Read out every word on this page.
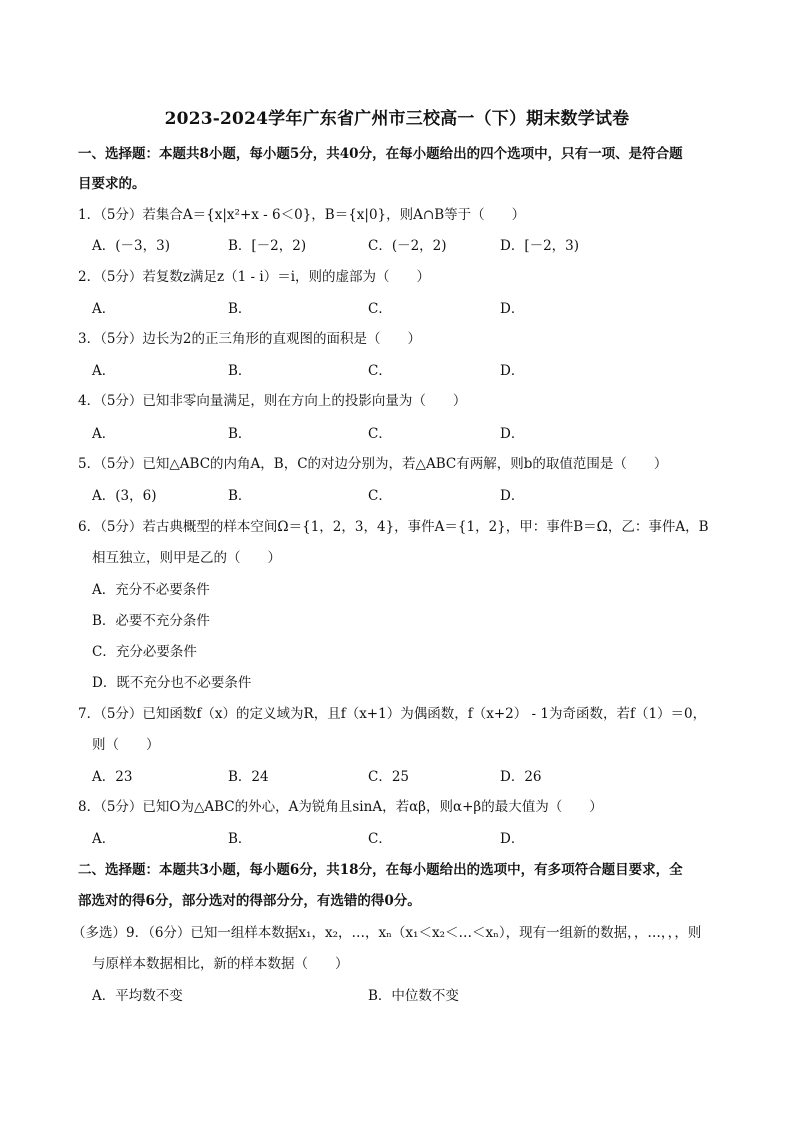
2023-2024学年广东省广州市三校高一（下）期末数学试卷
一、选择题：本题共8小题，每小题5分，共40分，在每小题给出的四个选项中，只有一项、是符合题
目要求的。
1．（5分）若集合A＝{x|x²+x - 6＜0}，B＝{x|0}，则A∩B等于（　　）
A．(－3，3)	B．[－2，2)	C．(－2，2)	D．[－2，3)
2．（5分）若复数z满足z（1 - i）＝i，则的虚部为（　　）
A．	B．	C．	D．
3．（5分）边长为2的正三角形的直观图的面积是（　　）
A．	B．	C．	D．
4．（5分）已知非零向量满足，则在方向上的投影向量为（　　）
A．	B．	C．	D．
5．（5分）已知△ABC的内角A，B，C的对边分别为，若△ABC有两解，则b的取值范围是（　　）
A．(3，6)	B．	C．	D．
6．（5分）若古典概型的样本空间Ω＝{1，2，3，4}，事件A＝{1，2}，甲：事件B＝Ω，乙：事件A，B
相互独立，则甲是乙的（　　）
A．充分不必要条件
B．必要不充分条件
C．充分必要条件
D．既不充分也不必要条件
7．（5分）已知函数f（x）的定义域为R，且f（x+1）为偶函数，f（x+2） - 1为奇函数，若f（1）＝0，
则（　　）
A．23	B．24	C．25	D．26
8．（5分）已知O为△ABC的外心，A为锐角且sinA，若αβ，则α+β的最大值为（　　）
A．	B．	C．	D．
二、选择题：本题共3小题，每小题6分，共18分，在每小题给出的选项中，有多项符合题目要求，全
部选对的得6分，部分选对的得部分分，有选错的得0分。
（多选）9．（6分）已知一组样本数据x₁，x₂，…，xₙ（x₁＜x₂＜…＜xₙ），现有一组新的数据，，…，，，则
与原样本数据相比，新的样本数据（　　）
A．平均数不变	B．中位数不变
